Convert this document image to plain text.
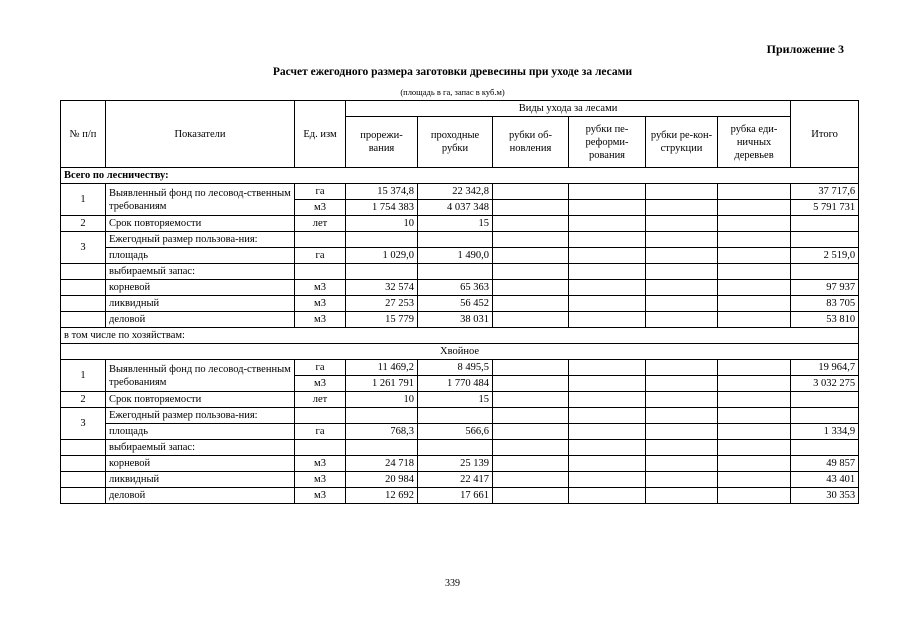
Приложение 3
Расчет ежегодного размера заготовки древесины при уходе за лесами
(площадь в га, запас в куб.м)
№ п/п	Показатели	Ед. изм	Виды ухода за лесами						Итого
			прорежи-вания	проходные рубки	рубки об-новления	рубки пе-реформи-рования	рубки ре-кон-струкции	рубка еди-ничных деревьев	
Всего по лесничеству:									
1	Выявленный фонд по лесовод-ственным требованиям	га	15 374,8	22 342,8					37 717,6
		м3	1 754 383	4 037 348					5 791 731
2	Срок повторяемости	лет	10	15					
3	Ежегодный размер пользова-ния:								
	площадь	га	1 029,0	1 490,0					2 519,0
	выбираемый запас:								
	корневой	м3	32 574	65 363					97 937
	ликвидный	м3	27 253	56 452					83 705
	деловой	м3	15 779	38 031					53 810
в том числе по хозяйствам:									
Хвойное									
1	Выявленный фонд по лесовод-ственным требованиям	га	11 469,2	8 495,5					19 964,7
		м3	1 261 791	1 770 484					3 032 275
2	Срок повторяемости	лет	10	15					
3	Ежегодный размер пользова-ния:								
	площадь	га	768,3	566,6					1 334,9
	выбираемый запас:								
	корневой	м3	24 718	25 139					49 857
	ликвидный	м3	20 984	22 417					43 401
	деловой	м3	12 692	17 661					30 353
339
